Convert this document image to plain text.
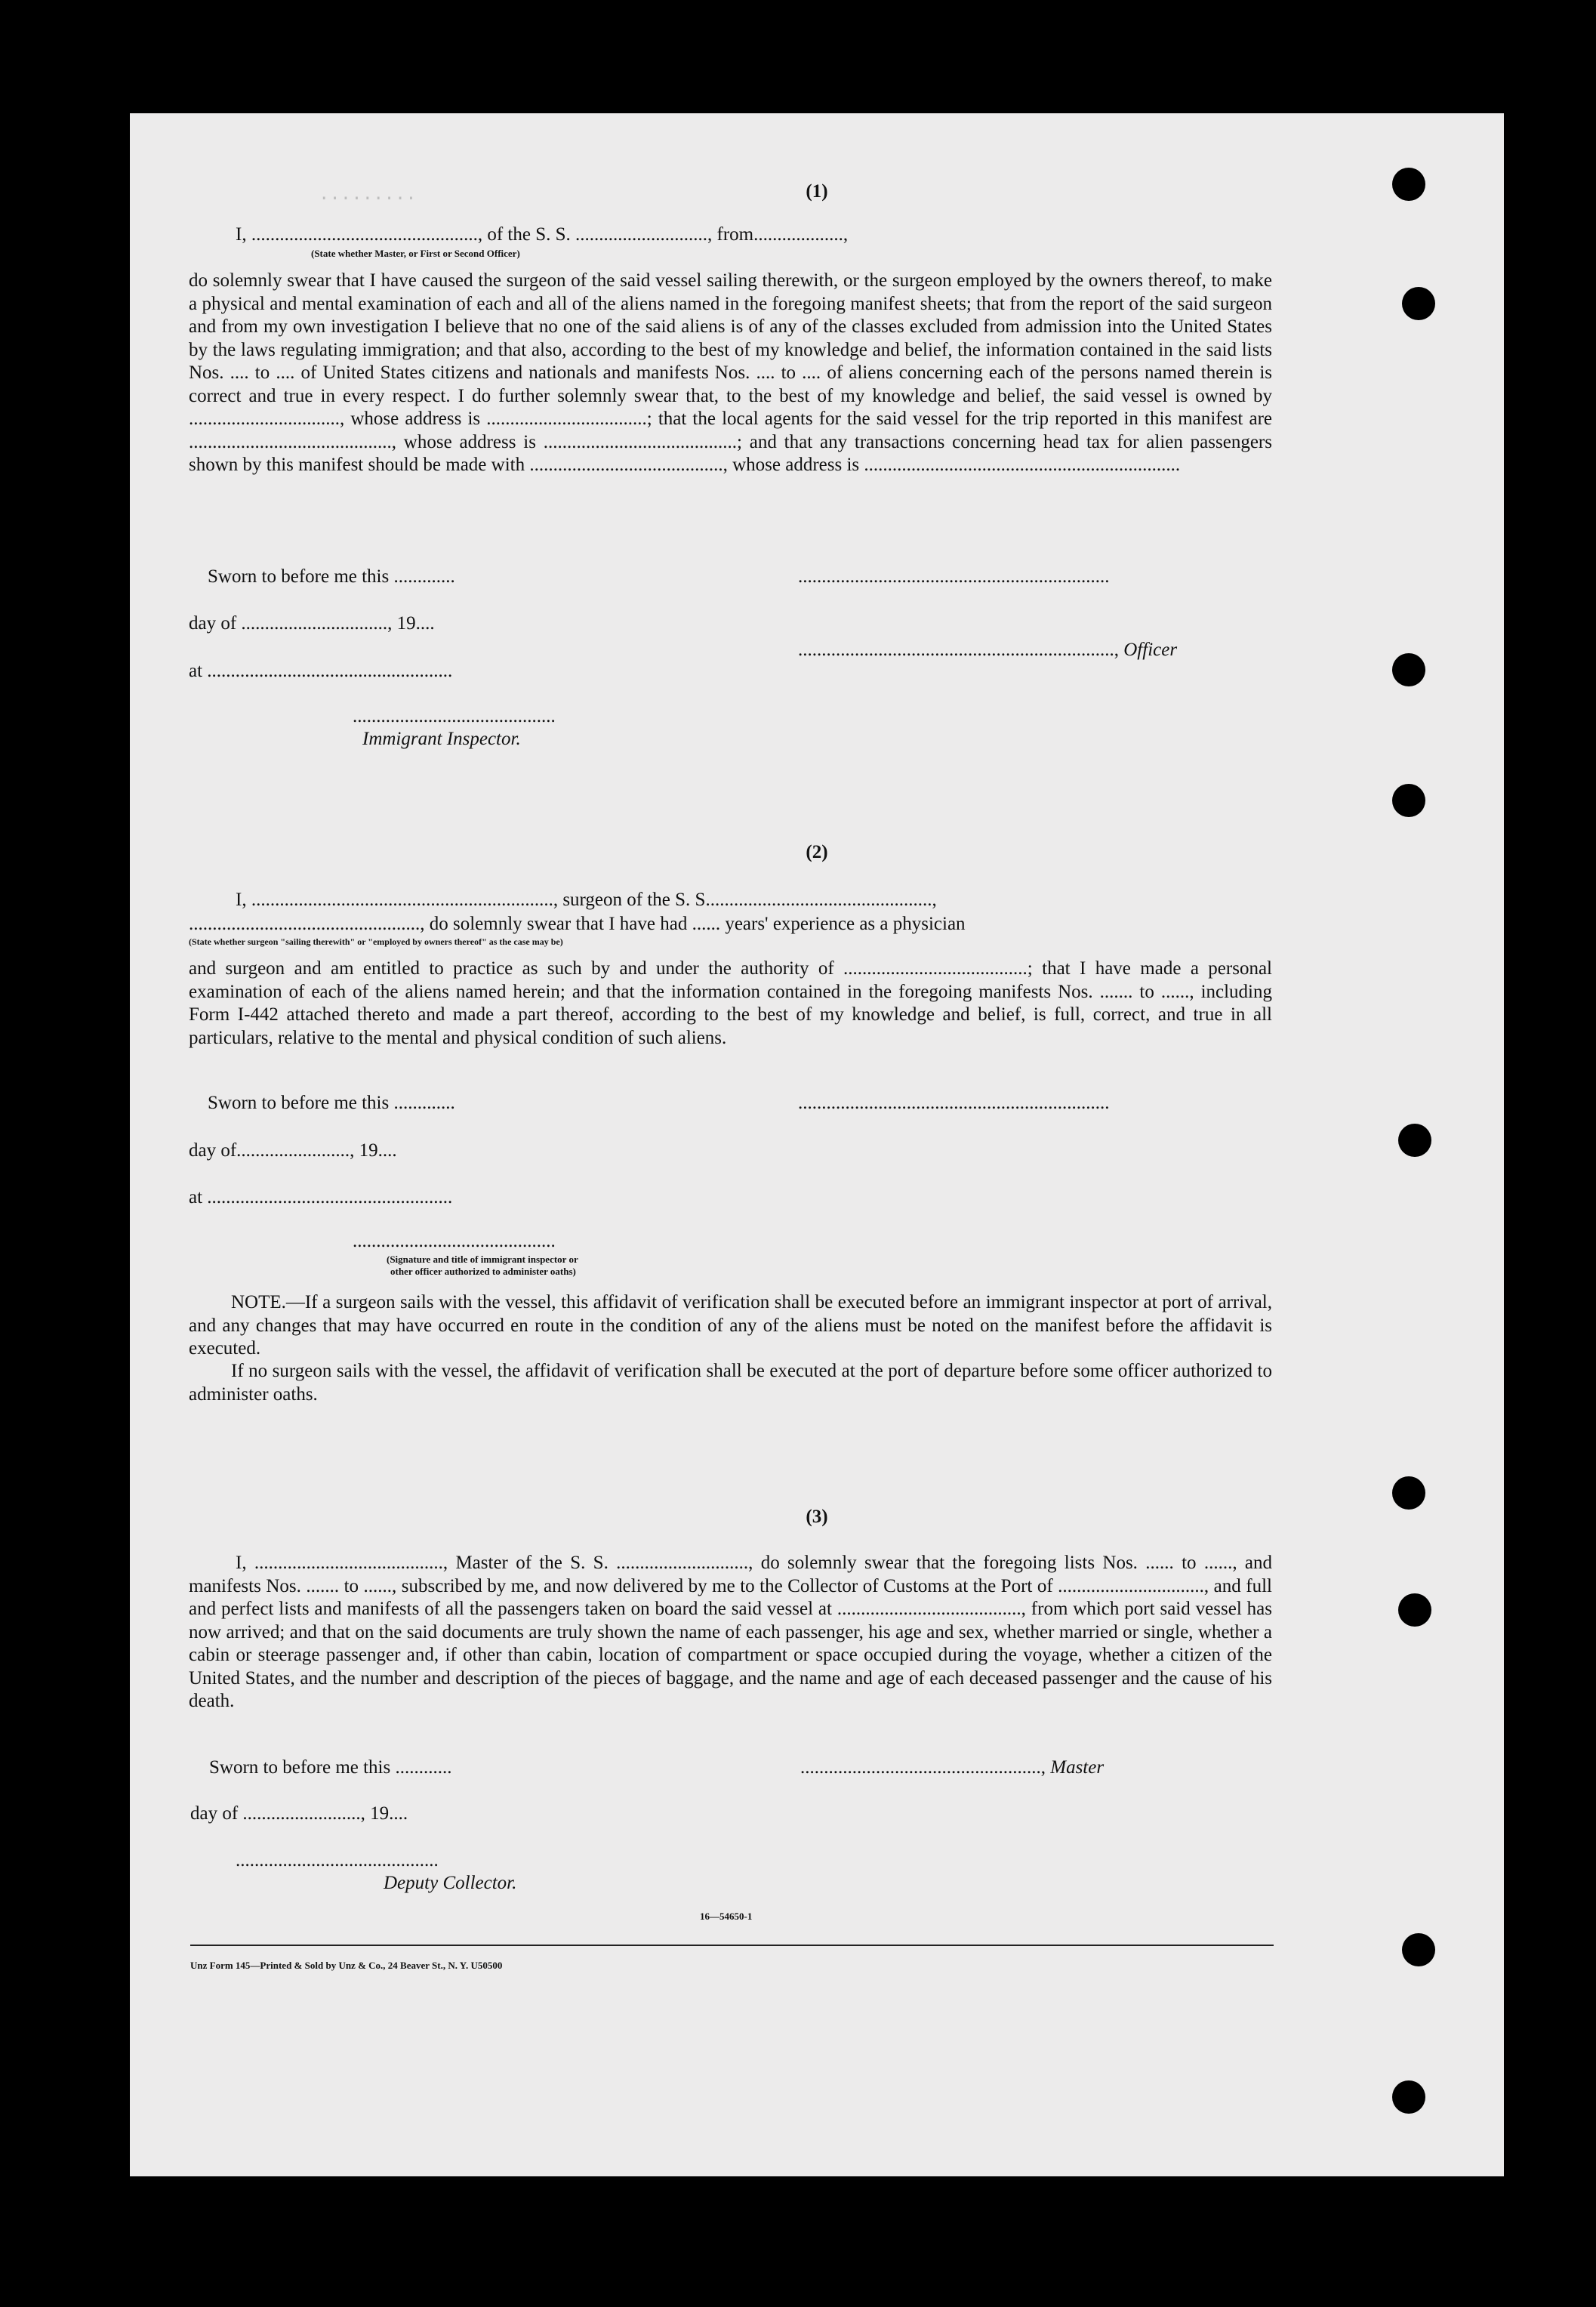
.........	(1)
I, ................................................, of the S. S. ............................, from...................,
(State whether Master, or First or Second Officer)
do solemnly swear that I have caused the surgeon of the said vessel sailing therewith, or the surgeon employed by the owners thereof, to make a physical and mental examination of each and all of the aliens named in the foregoing manifest sheets; that from the report of the said surgeon and from my own investigation I believe that no one of the said aliens is of any of the classes excluded from admission into the United States by the laws regulating immigration; and that also, according to the best of my knowledge and belief, the information contained in the said lists Nos. .... to .... of United States citizens and nationals and manifests Nos. .... to .... of aliens concerning each of the persons named therein is correct and true in every respect. I do further solemnly swear that, to the best of my knowledge and belief, the said vessel is owned by ................................, whose address is ..................................; that the local agents for the said vessel for the trip reported in this manifest are ..........................................., whose address is .........................................; and that any transactions concerning head tax for alien passengers shown by this manifest should be made with ........................................., whose address is ...................................................................
Sworn to before me this .............	..................................................................
day of ..............................., 19....
..................................................................., Officer
at ....................................................
...........................................
Immigrant Inspector.
(2)
I, ................................................................, surgeon of the S. S................................................,
................................................., do solemnly swear that I have had ...... years' experience as a physician
(State whether surgeon "sailing therewith" or "employed by owners thereof" as the case may be)
and surgeon and am entitled to practice as such by and under the authority of .......................................; that I have made a personal examination of each of the aliens named herein; and that the information contained in the foregoing manifests Nos. ....... to ......, including Form I-442 attached thereto and made a part thereof, according to the best of my knowledge and belief, is full, correct, and true in all particulars, relative to the mental and physical condition of such aliens.
Sworn to before me this .............	..................................................................
day of........................, 19....
at ....................................................
...........................................
(Signature and title of immigrant inspector or
other officer authorized to administer oaths)
NOTE.—If a surgeon sails with the vessel, this affidavit of verification shall be executed before an immigrant inspector at port of arrival, and any changes that may have occurred en route in the condition of any of the aliens must be noted on the manifest before the affidavit is executed.
If no surgeon sails with the vessel, the affidavit of verification shall be executed at the port of departure before some officer authorized to administer oaths.
(3)
I, ........................................, Master of the S. S. ............................, do solemnly swear that the foregoing lists Nos. ...... to ......, and manifests Nos. ....... to ......, subscribed by me, and now delivered by me to the Collector of Customs at the Port of ..............................., and full and perfect lists and manifests of all the passengers taken on board the said vessel at ......................................., from which port said vessel has now arrived; and that on the said documents are truly shown the name of each passenger, his age and sex, whether married or single, whether a cabin or steerage passenger and, if other than cabin, location of compartment or space occupied during the voyage, whether a citizen of the United States, and the number and description of the pieces of baggage, and the name and age of each deceased passenger and the cause of his death.
Sworn to before me this ............	..................................................., Master
day of ........................., 19....
...........................................
Deputy Collector.
16—54650-1
Unz Form 145—Printed & Sold by Unz & Co., 24 Beaver St., N. Y. U50500
